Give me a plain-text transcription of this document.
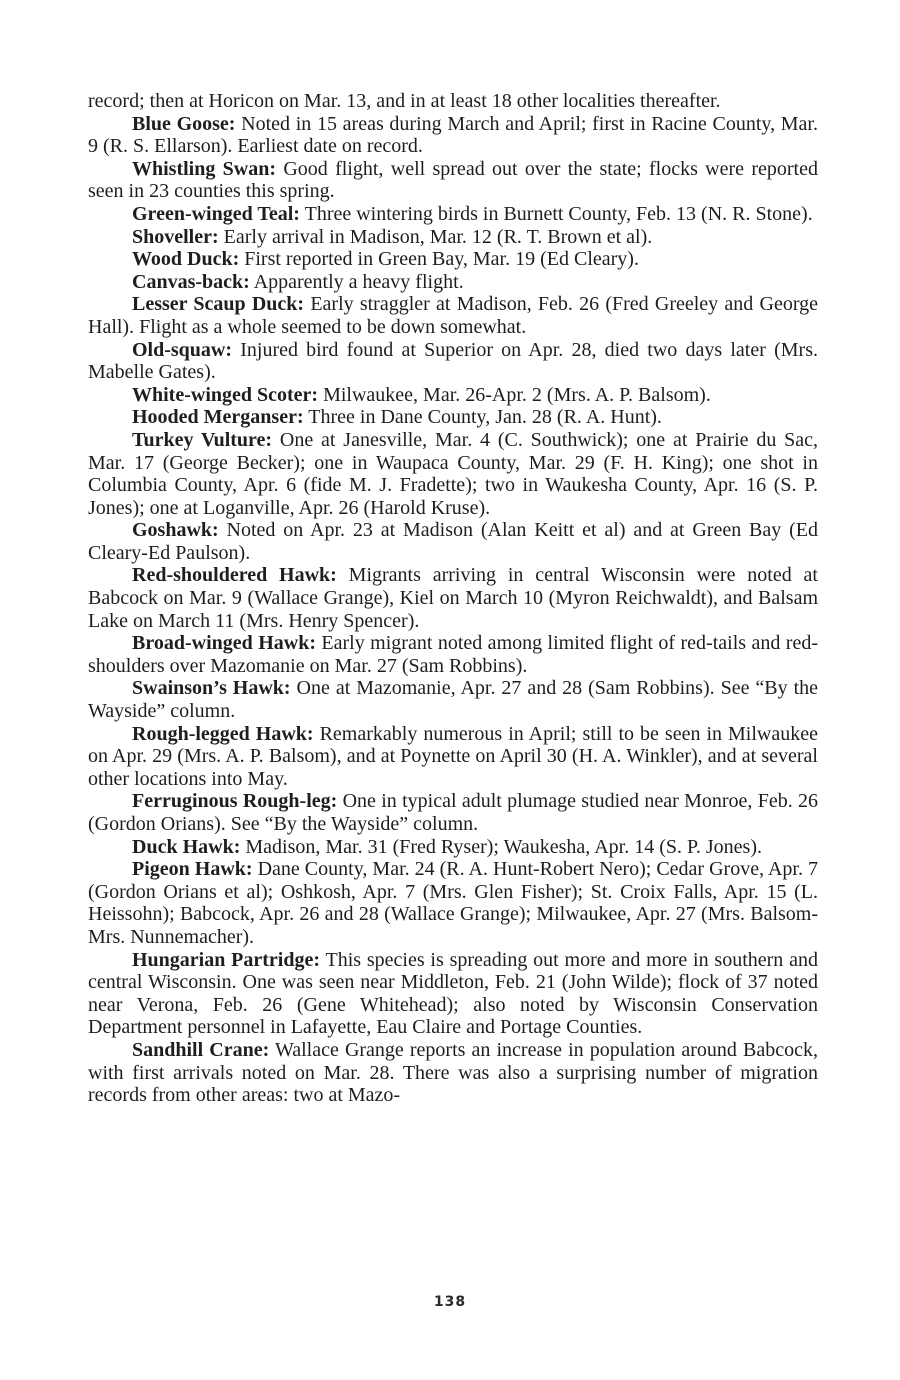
record; then at Horicon on Mar. 13, and in at least 18 other localities thereafter.

Blue Goose: Noted in 15 areas during March and April; first in Racine County, Mar. 9 (R. S. Ellarson). Earliest date on record.

Whistling Swan: Good flight, well spread out over the state; flocks were reported seen in 23 counties this spring.

Green-winged Teal: Three wintering birds in Burnett County, Feb. 13 (N. R. Stone).

Shoveller: Early arrival in Madison, Mar. 12 (R. T. Brown et al).

Wood Duck: First reported in Green Bay, Mar. 19 (Ed Cleary).

Canvas-back: Apparently a heavy flight.

Lesser Scaup Duck: Early straggler at Madison, Feb. 26 (Fred Greeley and George Hall). Flight as a whole seemed to be down somewhat.

Old-squaw: Injured bird found at Superior on Apr. 28, died two days later (Mrs. Mabelle Gates).

White-winged Scoter: Milwaukee, Mar. 26-Apr. 2 (Mrs. A. P. Balsom).

Hooded Merganser: Three in Dane County, Jan. 28 (R. A. Hunt).

Turkey Vulture: One at Janesville, Mar. 4 (C. Southwick); one at Prairie du Sac, Mar. 17 (George Becker); one in Waupaca County, Mar. 29 (F. H. King); one shot in Columbia County, Apr. 6 (fide M. J. Fradette); two in Waukesha County, Apr. 16 (S. P. Jones); one at Loganville, Apr. 26 (Harold Kruse).

Goshawk: Noted on Apr. 23 at Madison (Alan Keitt et al) and at Green Bay (Ed Cleary-Ed Paulson).

Red-shouldered Hawk: Migrants arriving in central Wisconsin were noted at Babcock on Mar. 9 (Wallace Grange), Kiel on March 10 (Myron Reichwaldt), and Balsam Lake on March 11 (Mrs. Henry Spencer).

Broad-winged Hawk: Early migrant noted among limited flight of red-tails and red-shoulders over Mazomanie on Mar. 27 (Sam Robbins).

Swainson’s Hawk: One at Mazomanie, Apr. 27 and 28 (Sam Robbins). See “By the Wayside” column.

Rough-legged Hawk: Remarkably numerous in April; still to be seen in Milwaukee on Apr. 29 (Mrs. A. P. Balsom), and at Poynette on April 30 (H. A. Winkler), and at several other locations into May.

Ferruginous Rough-leg: One in typical adult plumage studied near Monroe, Feb. 26 (Gordon Orians). See “By the Wayside” column.

Duck Hawk: Madison, Mar. 31 (Fred Ryser); Waukesha, Apr. 14 (S. P. Jones).

Pigeon Hawk: Dane County, Mar. 24 (R. A. Hunt-Robert Nero); Cedar Grove, Apr. 7 (Gordon Orians et al); Oshkosh, Apr. 7 (Mrs. Glen Fisher); St. Croix Falls, Apr. 15 (L. Heissohn); Babcock, Apr. 26 and 28 (Wallace Grange); Milwaukee, Apr. 27 (Mrs. Balsom-Mrs. Nunnemacher).

Hungarian Partridge: This species is spreading out more and more in southern and central Wisconsin. One was seen near Middleton, Feb. 21 (John Wilde); flock of 37 noted near Verona, Feb. 26 (Gene Whitehead); also noted by Wisconsin Conservation Department personnel in Lafayette, Eau Claire and Portage Counties.

Sandhill Crane: Wallace Grange reports an increase in population around Babcock, with first arrivals noted on Mar. 28. There was also a surprising number of migration records from other areas: two at Mazo-

138
